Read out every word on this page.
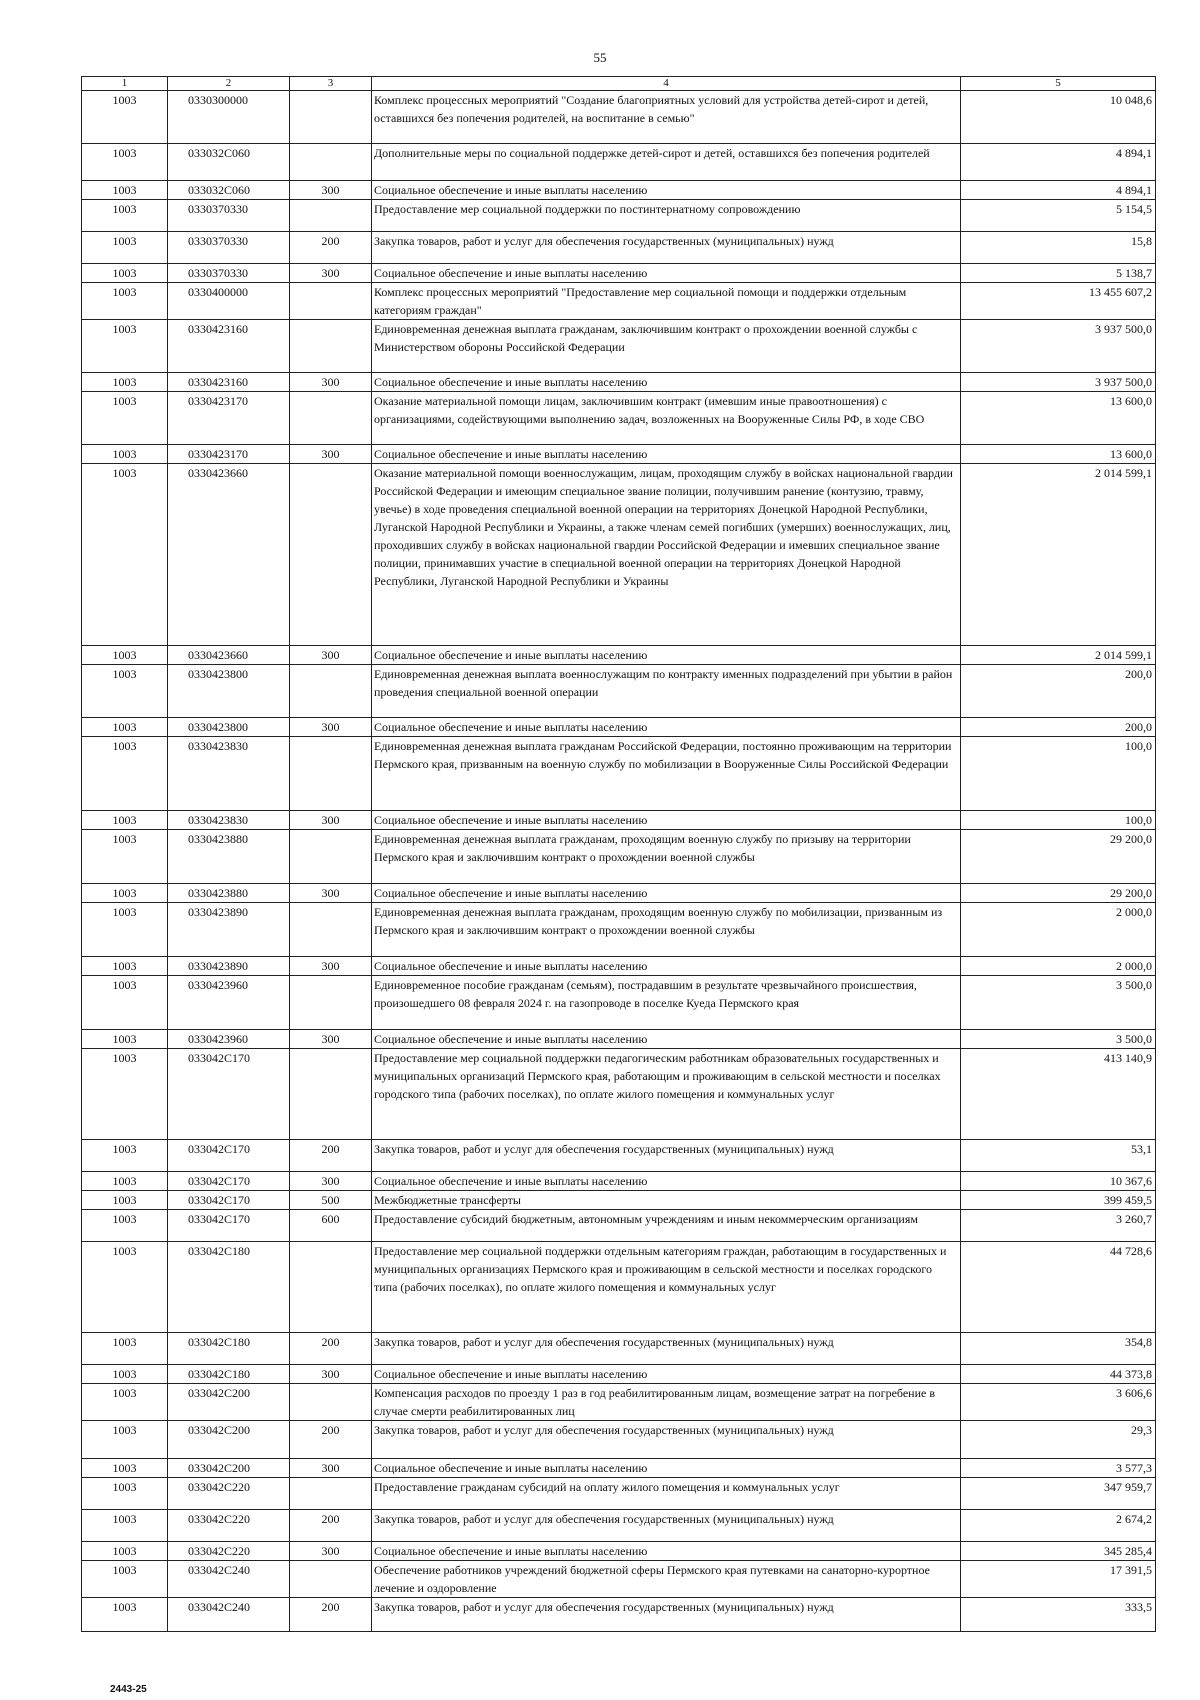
55
1	2	3	4	5
1003	0330300000		Комплекс процессных мероприятий "Создание благоприятных условий для устройства детей-сирот и детей, оставшихся без попечения родителей, на воспитание в семью"	10 048,6
1003	033032С060		Дополнительные меры по социальной поддержке детей-сирот и детей, оставшихся без попечения родителей	4 894,1
1003	033032С060	300	Социальное обеспечение и иные выплаты населению	4 894,1
1003	0330370330		Предоставление мер социальной поддержки по постинтернатному сопровождению	5 154,5
1003	0330370330	200	Закупка товаров, работ и услуг для обеспечения государственных (муниципальных) нужд	15,8
1003	0330370330	300	Социальное обеспечение и иные выплаты населению	5 138,7
1003	0330400000		Комплекс процессных мероприятий "Предоставление мер социальной помощи и поддержки отдельным категориям граждан"	13 455 607,2
1003	0330423160		Единовременная денежная выплата гражданам, заключившим контракт о прохождении военной службы с Министерством обороны Российской Федерации	3 937 500,0
1003	0330423160	300	Социальное обеспечение и иные выплаты населению	3 937 500,0
1003	0330423170		Оказание материальной помощи лицам, заключившим контракт (имевшим иные правоотношения) с организациями, содействующими выполнению задач, возложенных на Вооруженные Силы РФ, в ходе СВО	13 600,0
1003	0330423170	300	Социальное обеспечение и иные выплаты населению	13 600,0
1003	0330423660		Оказание материальной помощи военнослужащим, лицам, проходящим службу в войсках национальной гвардии Российской Федерации и имеющим специальное звание полиции, получившим ранение (контузию, травму, увечье) в ходе проведения специальной военной операции на территориях Донецкой Народной Республики, Луганской Народной Республики и Украины, а также членам семей погибших (умерших) военнослужащих, лиц, проходивших службу в войсках национальной гвардии Российской Федерации и имевших специальное звание полиции, принимавших участие в специальной военной операции на территориях Донецкой Народной Республики, Луганской Народной Республики и Украины	2 014 599,1
1003	0330423660	300	Социальное обеспечение и иные выплаты населению	2 014 599,1
1003	0330423800		Единовременная денежная выплата военнослужащим по контракту именных подразделений при убытии в район проведения специальной военной операции	200,0
1003	0330423800	300	Социальное обеспечение и иные выплаты населению	200,0
1003	0330423830		Единовременная денежная выплата гражданам Российской Федерации, постоянно проживающим на территории Пермского края, призванным на военную службу по мобилизации в Вооруженные Силы Российской Федерации	100,0
1003	0330423830	300	Социальное обеспечение и иные выплаты населению	100,0
1003	0330423880		Единовременная денежная выплата гражданам, проходящим военную службу по призыву на территории Пермского края и заключившим контракт о прохождении военной службы	29 200,0
1003	0330423880	300	Социальное обеспечение и иные выплаты населению	29 200,0
1003	0330423890		Единовременная денежная выплата гражданам, проходящим военную службу по мобилизации, призванным из Пермского края и заключившим контракт о прохождении военной службы	2 000,0
1003	0330423890	300	Социальное обеспечение и иные выплаты населению	2 000,0
1003	0330423960		Единовременное пособие гражданам (семьям), пострадавшим в результате чрезвычайного происшествия, произошедшего 08 февраля 2024 г. на газопроводе в поселке Куеда Пермского края	3 500,0
1003	0330423960	300	Социальное обеспечение и иные выплаты населению	3 500,0
1003	033042С170		Предоставление мер социальной поддержки педагогическим работникам образовательных государственных и муниципальных организаций Пермского края, работающим и проживающим в сельской местности и поселках городского типа (рабочих поселках), по оплате жилого помещения и коммунальных услуг	413 140,9
1003	033042С170	200	Закупка товаров, работ и услуг для обеспечения государственных (муниципальных) нужд	53,1
1003	033042С170	300	Социальное обеспечение и иные выплаты населению	10 367,6
1003	033042С170	500	Межбюджетные трансферты	399 459,5
1003	033042С170	600	Предоставление субсидий бюджетным, автономным учреждениям и иным некоммерческим организациям	3 260,7
1003	033042С180		Предоставление мер социальной поддержки отдельным категориям граждан, работающим в государственных и муниципальных организациях Пермского края и проживающим в сельской местности и поселках городского типа (рабочих поселках), по оплате жилого помещения и коммунальных услуг	44 728,6
1003	033042С180	200	Закупка товаров, работ и услуг для обеспечения государственных (муниципальных) нужд	354,8
1003	033042С180	300	Социальное обеспечение и иные выплаты населению	44 373,8
1003	033042С200		Компенсация расходов по проезду 1 раз в год реабилитированным лицам, возмещение затрат на погребение в случае смерти реабилитированных лиц	3 606,6
1003	033042С200	200	Закупка товаров, работ и услуг для обеспечения государственных (муниципальных) нужд	29,3
1003	033042С200	300	Социальное обеспечение и иные выплаты населению	3 577,3
1003	033042С220		Предоставление гражданам субсидий на оплату жилого помещения и коммунальных услуг	347 959,7
1003	033042С220	200	Закупка товаров, работ и услуг для обеспечения государственных (муниципальных) нужд	2 674,2
1003	033042С220	300	Социальное обеспечение и иные выплаты населению	345 285,4
1003	033042С240		Обеспечение работников учреждений бюджетной сферы Пермского края путевками на санаторно-курортное лечение и оздоровление	17 391,5
1003	033042С240	200	Закупка товаров, работ и услуг для обеспечения государственных (муниципальных) нужд	333,5
2443-25
